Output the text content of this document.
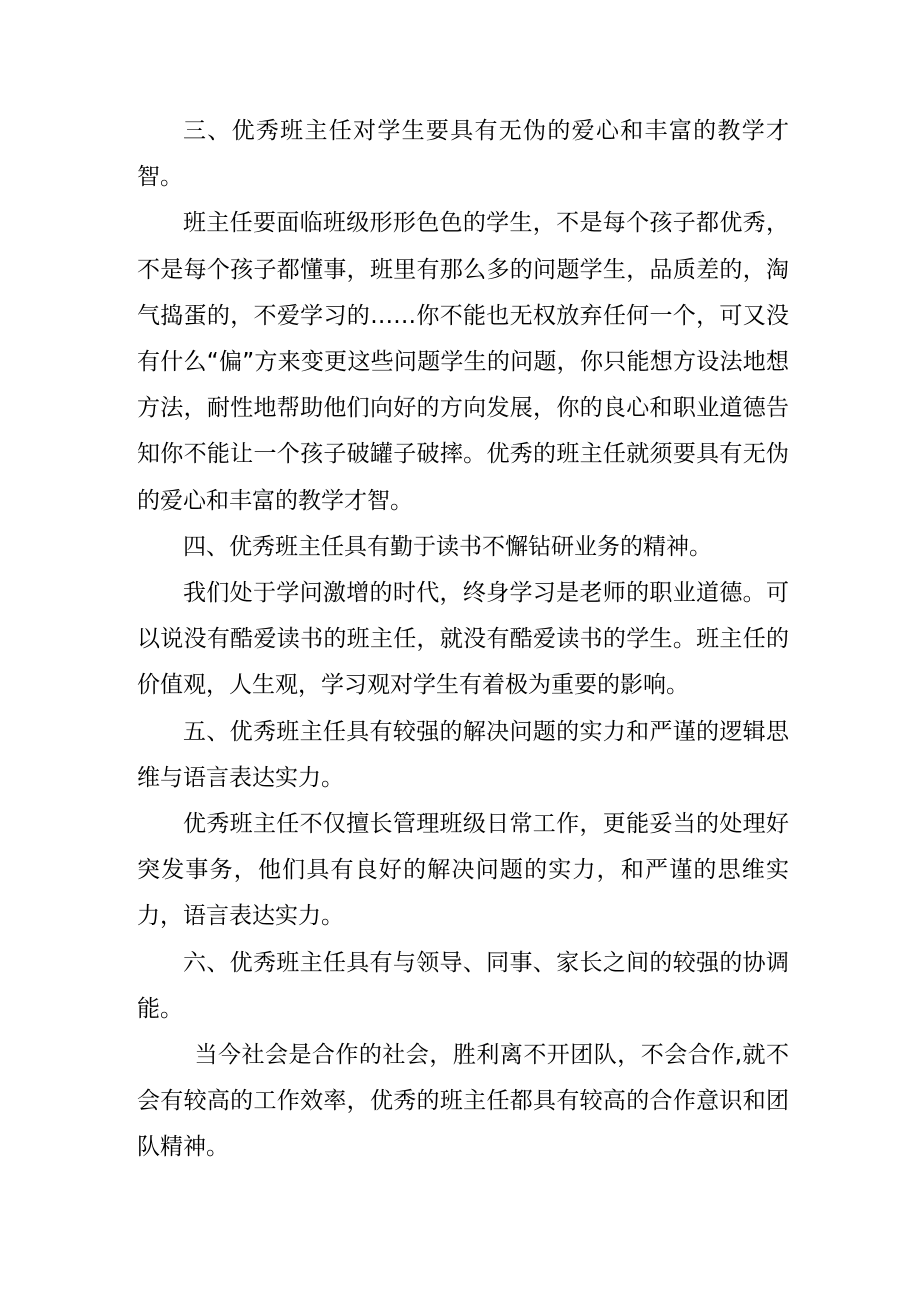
三、优秀班主任对学生要具有无伪的爱心和丰富的教学才智。

班主任要面临班级形形色色的学生，不是每个孩子都优秀，不是每个孩子都懂事，班里有那么多的问题学生，品质差的，淘气捣蛋的，不爱学习的……你不能也无权放弃任何一个，可又没有什么“偏”方来变更这些问题学生的问题，你只能想方设法地想方法，耐性地帮助他们向好的方向发展，你的良心和职业道德告知你不能让一个孩子破罐子破摔。优秀的班主任就须要具有无伪的爱心和丰富的教学才智。

四、优秀班主任具有勤于读书不懈钻研业务的精神。

我们处于学问激增的时代，终身学习是老师的职业道德。可以说没有酷爱读书的班主任，就没有酷爱读书的学生。班主任的价值观，人生观，学习观对学生有着极为重要的影响。

五、优秀班主任具有较强的解决问题的实力和严谨的逻辑思维与语言表达实力。

优秀班主任不仅擅长管理班级日常工作，更能妥当的处理好突发事务，他们具有良好的解决问题的实力，和严谨的思维实力，语言表达实力。

六、优秀班主任具有与领导、同事、家长之间的较强的协调能。

当今社会是合作的社会，胜利离不开团队，不会合作,就不会有较高的工作效率，优秀的班主任都具有较高的合作意识和团队精神。
